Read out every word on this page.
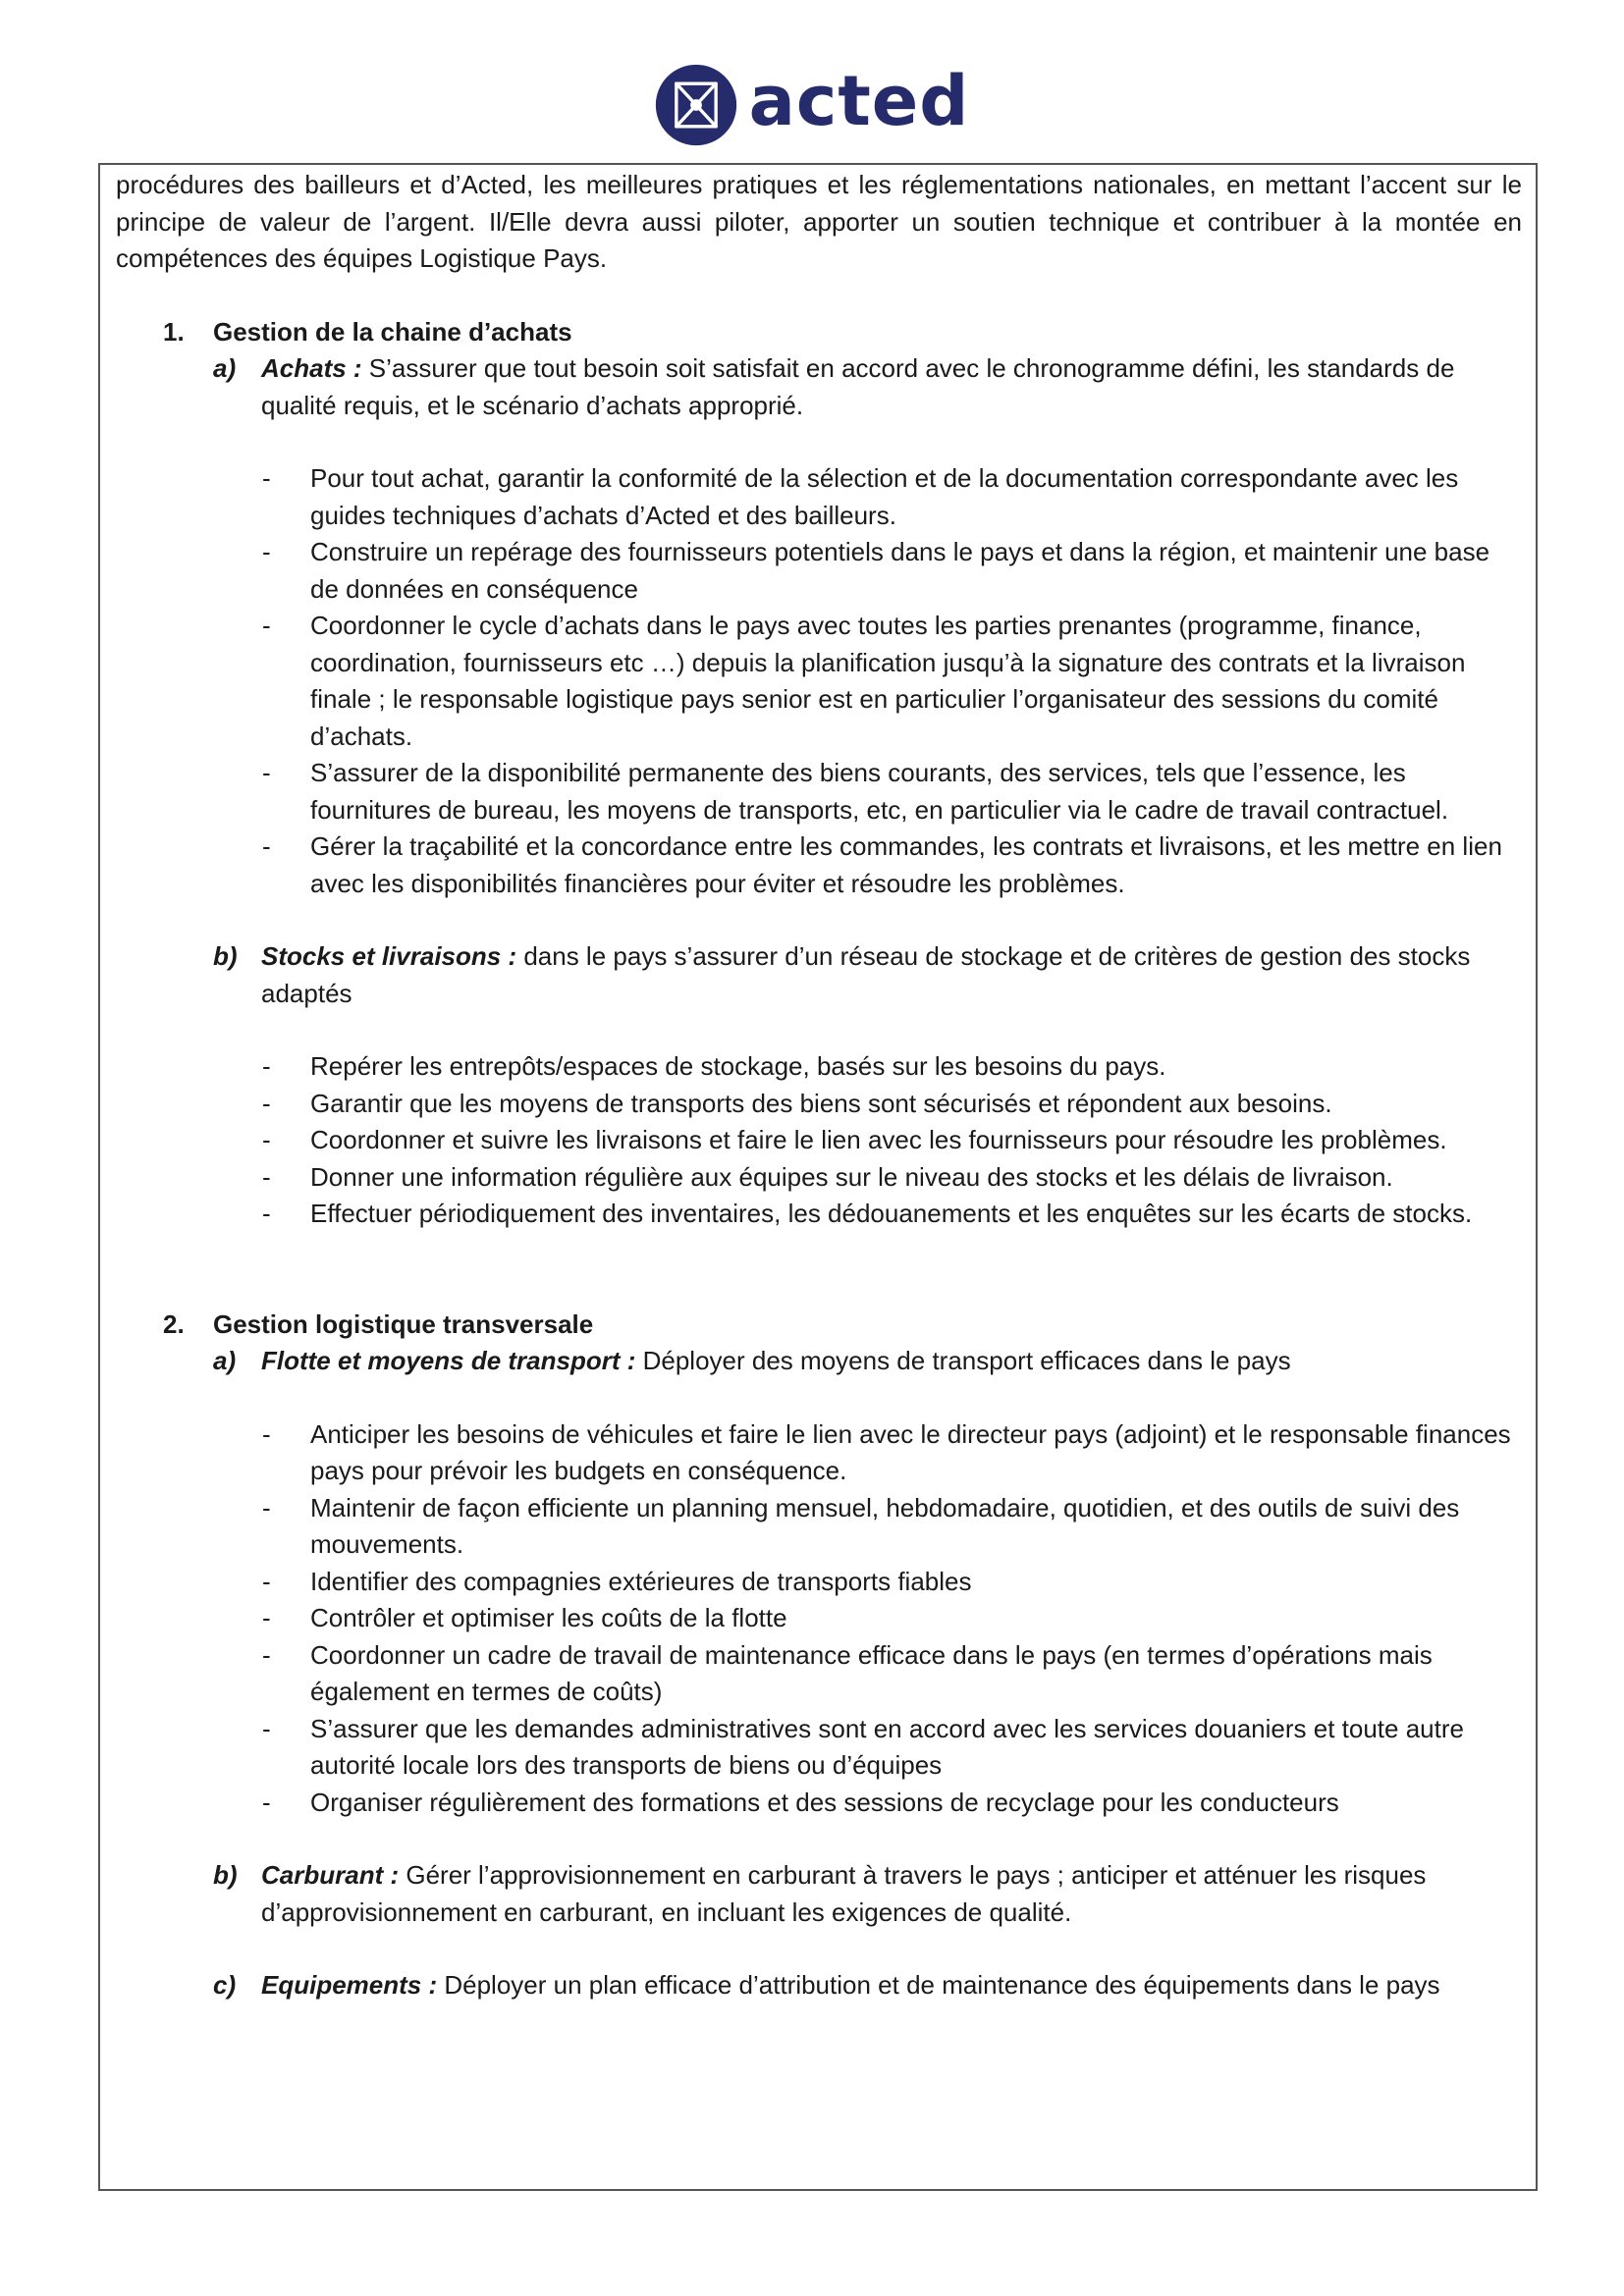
acted

procédures des bailleurs et d’Acted, les meilleures pratiques et les réglementations nationales, en mettant l’accent sur le principe de valeur de l’argent. Il/Elle devra aussi piloter, apporter un soutien technique et contribuer à la montée en compétences des équipes Logistique Pays.

1. Gestion de la chaine d’achats
a) Achats : S’assurer que tout besoin soit satisfait en accord avec le chronogramme défini, les standards de qualité requis, et le scénario d’achats approprié.
- Pour tout achat, garantir la conformité de la sélection et de la documentation correspondante avec les guides techniques d’achats d’Acted et des bailleurs.
- Construire un repérage des fournisseurs potentiels dans le pays et dans la région, et maintenir une base de données en conséquence
- Coordonner le cycle d’achats dans le pays avec toutes les parties prenantes (programme, finance, coordination, fournisseurs etc …) depuis la planification jusqu’à la signature des contrats et la livraison finale ; le responsable logistique pays senior est en particulier l’organisateur des sessions du comité d’achats.
- S’assurer de la disponibilité permanente des biens courants, des services, tels que l’essence, les fournitures de bureau, les moyens de transports, etc, en particulier via le cadre de travail contractuel.
- Gérer la traçabilité et la concordance entre les commandes, les contrats et livraisons, et les mettre en lien avec les disponibilités financières pour éviter et résoudre les problèmes.
b) Stocks et livraisons : dans le pays s’assurer d’un réseau de stockage et de critères de gestion des stocks adaptés
- Repérer les entrepôts/espaces de stockage, basés sur les besoins du pays.
- Garantir que les moyens de transports des biens sont sécurisés et répondent aux besoins.
- Coordonner et suivre les livraisons et faire le lien avec les fournisseurs pour résoudre les problèmes.
- Donner une information régulière aux équipes sur le niveau des stocks et les délais de livraison.
- Effectuer périodiquement des inventaires, les dédouanements et les enquêtes sur les écarts de stocks.
2. Gestion logistique transversale
a) Flotte et moyens de transport : Déployer des moyens de transport efficaces dans le pays
- Anticiper les besoins de véhicules et faire le lien avec le directeur pays (adjoint) et le responsable finances pays pour prévoir les budgets en conséquence.
- Maintenir de façon efficiente un planning mensuel, hebdomadaire, quotidien, et des outils de suivi des mouvements.
- Identifier des compagnies extérieures de transports fiables
- Contrôler et optimiser les coûts de la flotte
- Coordonner un cadre de travail de maintenance efficace dans le pays (en termes d’opérations mais également en termes de coûts)
- S’assurer que les demandes administratives sont en accord avec les services douaniers et toute autre autorité locale lors des transports de biens ou d’équipes
- Organiser régulièrement des formations et des sessions de recyclage pour les conducteurs
b) Carburant : Gérer l’approvisionnement en carburant à travers le pays ; anticiper et atténuer les risques d’approvisionnement en carburant, en incluant les exigences de qualité.
c) Equipements : Déployer un plan efficace d’attribution et de maintenance des équipements dans le pays
